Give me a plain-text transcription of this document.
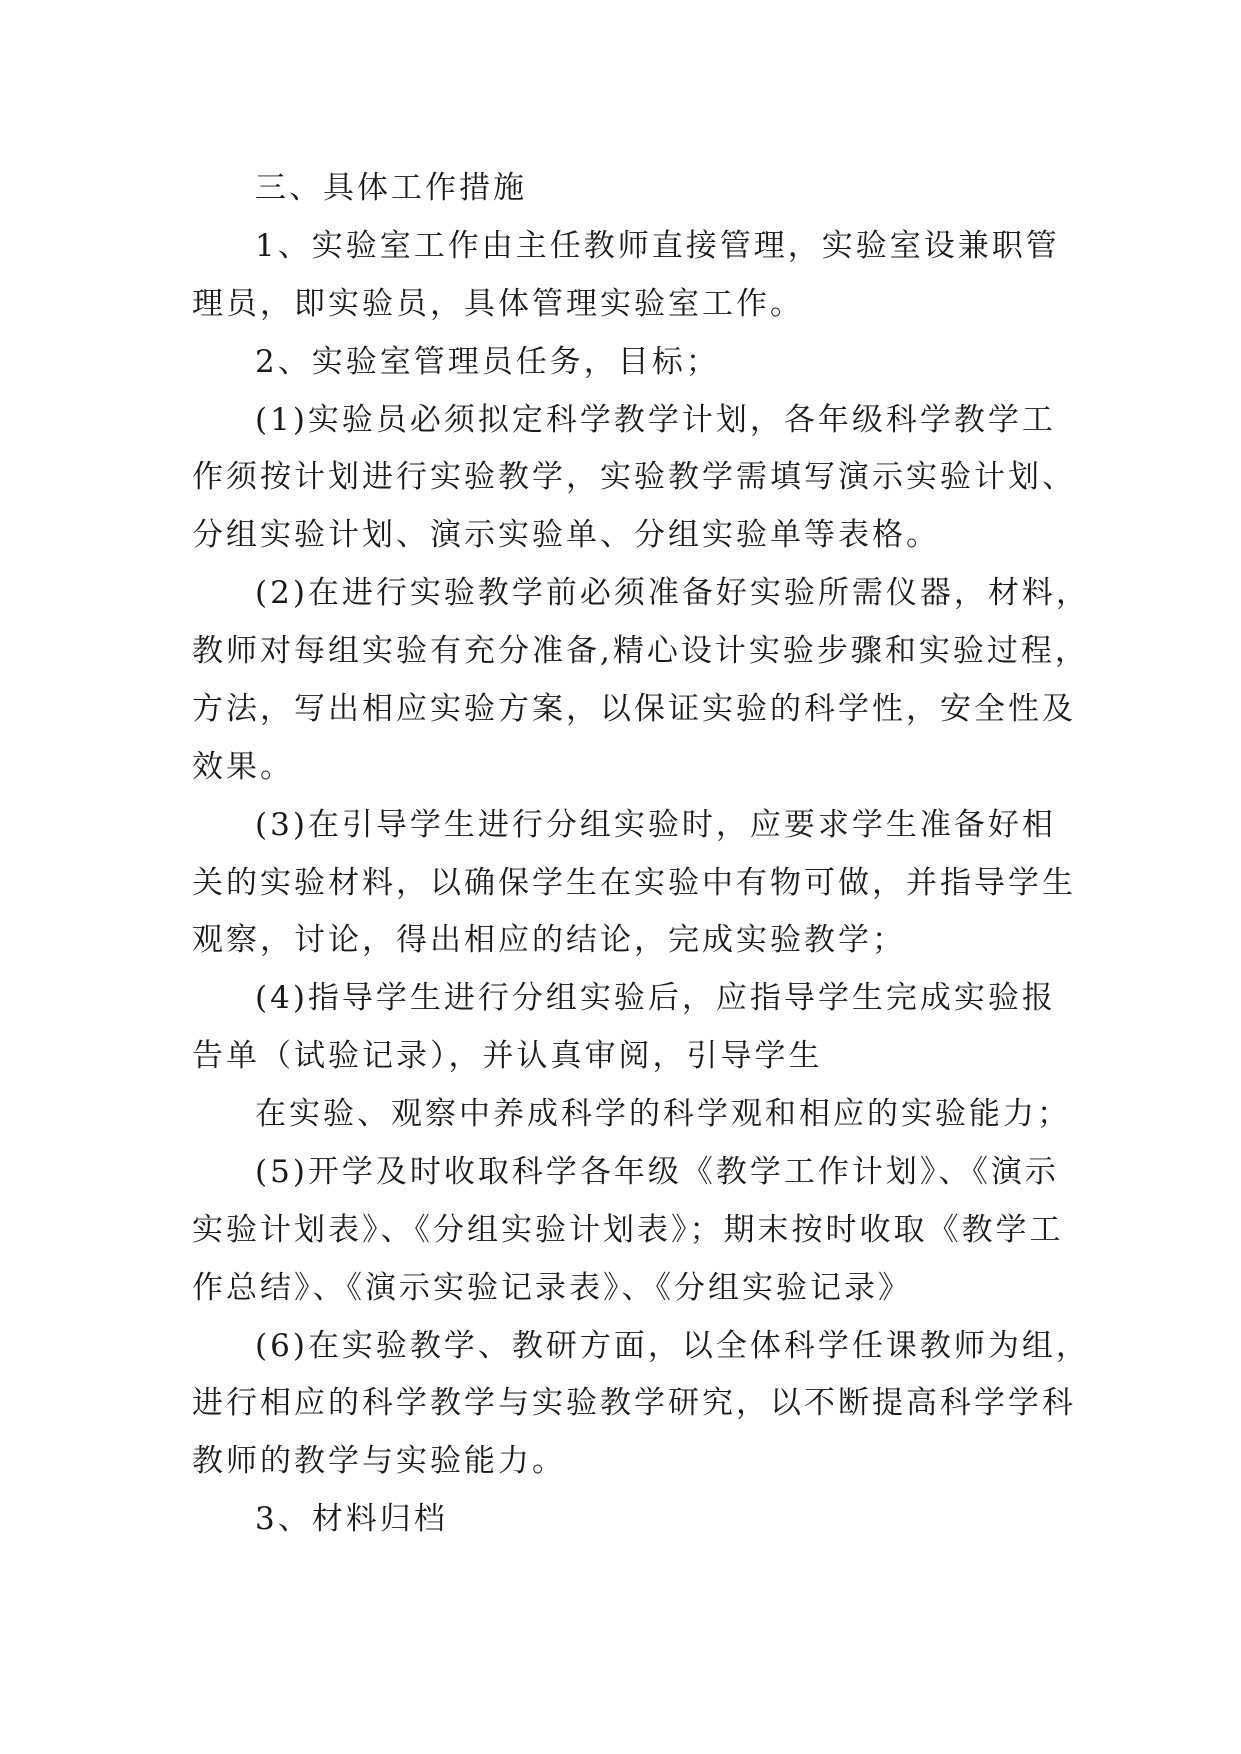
三、具体工作措施
1、实验室工作由主任教师直接管理，实验室设兼职管
理员，即实验员，具体管理实验室工作。
2、实验室管理员任务，目标；
(1)实验员必须拟定科学教学计划，各年级科学教学工
作须按计划进行实验教学，实验教学需填写演示实验计划、
分组实验计划、演示实验单、分组实验单等表格。
(2)在进行实验教学前必须准备好实验所需仪器，材料，
教师对每组实验有充分准备,精心设计实验步骤和实验过程，
方法，写出相应实验方案，以保证实验的科学性，安全性及
效果。
(3)在引导学生进行分组实验时，应要求学生准备好相
关的实验材料，以确保学生在实验中有物可做，并指导学生
观察，讨论，得出相应的结论，完成实验教学；
(4)指导学生进行分组实验后，应指导学生完成实验报
告单（试验记录），并认真审阅，引导学生
在实验、观察中养成科学的科学观和相应的实验能力；
(5)开学及时收取科学各年级《教学工作计划》、《演示
实验计划表》、《分组实验计划表》；期末按时收取《教学工
作总结》、《演示实验记录表》、《分组实验记录》
(6)在实验教学、教研方面，以全体科学任课教师为组，
进行相应的科学教学与实验教学研究，以不断提高科学学科
教师的教学与实验能力。
3、材料归档
